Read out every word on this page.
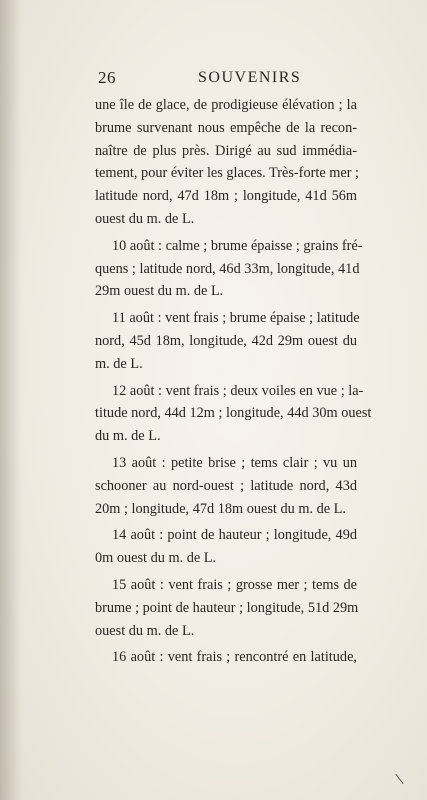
26	SOUVENIRS

une île de glace, de prodigieuse élévation ; la
brume survenant nous empêche de la recon-
naître de plus près. Dirigé au sud immédia-
tement, pour éviter les glaces. Très-forte mer ;
latitude nord, 47d 18m ; longitude, 41d 56m
ouest du m. de L.

10 août : calme ; brume épaisse ; grains fré-
quens ; latitude nord, 46d 33m, longitude, 41d
29m ouest du m. de L.

11 août : vent frais ; brume épaise ; latitude
nord, 45d 18m, longitude, 42d 29m ouest du
m. de L.

12 août : vent frais ; deux voiles en vue ; la-
titude nord, 44d 12m ; longitude, 44d 30m ouest
du m. de L.

13 août : petite brise ; tems clair ; vu un
schooner au nord-ouest ; latitude nord, 43d
20m ; longitude, 47d 18m ouest du m. de L.

14 août : point de hauteur ; longitude, 49d
0m ouest du m. de L.

15 août : vent frais ; grosse mer ; tems de
brume ; point de hauteur ; longitude, 51d 29m
ouest du m. de L.

16 août : vent frais ; rencontré en latitude,
